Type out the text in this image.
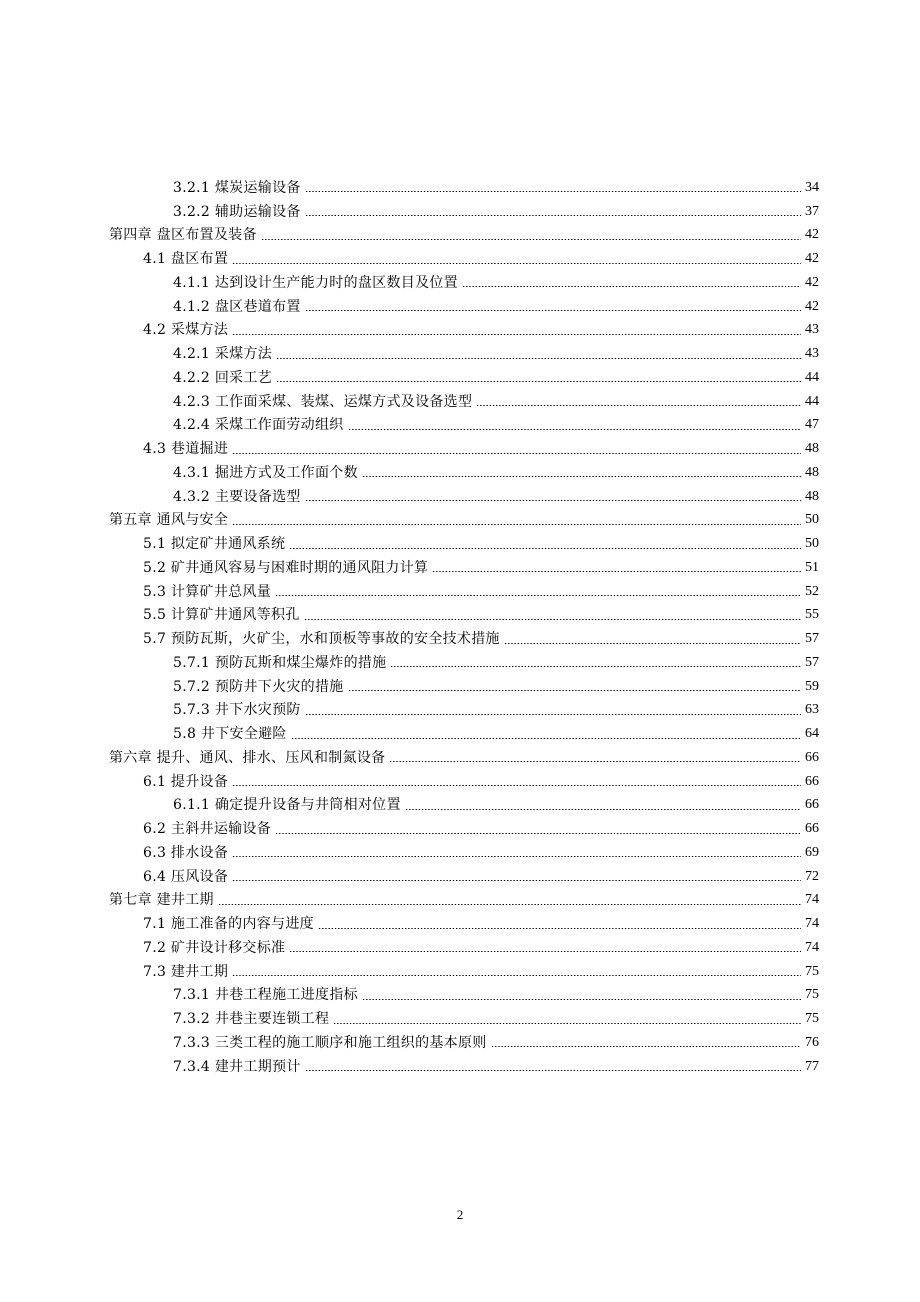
3.2.1 煤炭运输设备	34
3.2.2 辅助运输设备	37
第四章 盘区布置及装备	42
4.1 盘区布置	42
4.1.1 达到设计生产能力时的盘区数目及位置	42
4.1.2 盘区巷道布置	42
4.2 采煤方法	43
4.2.1 采煤方法	43
4.2.2 回采工艺	44
4.2.3 工作面采煤、装煤、运煤方式及设备选型	44
4.2.4 采煤工作面劳动组织	47
4.3 巷道掘进	48
4.3.1 掘进方式及工作面个数	48
4.3.2 主要设备选型	48
第五章 通风与安全	50
5.1 拟定矿井通风系统	50
5.2 矿井通风容易与困难时期的通风阻力计算	51
5.3 计算矿井总风量	52
5.5 计算矿井通风等积孔	55
5.7 预防瓦斯，火矿尘，水和顶板等事故的安全技术措施	57
5.7.1 预防瓦斯和煤尘爆炸的措施	57
5.7.2 预防井下火灾的措施	59
5.7.3 井下水灾预防	63
5.8 井下安全避险	64
第六章 提升、通风、排水、压风和制氮设备	66
6.1 提升设备	66
6.1.1 确定提升设备与井筒相对位置	66
6.2 主斜井运输设备	66
6.3 排水设备	69
6.4 压风设备	72
第七章 建井工期	74
7.1 施工准备的内容与进度	74
7.2 矿井设计移交标准	74
7.3 建井工期	75
7.3.1 井巷工程施工进度指标	75
7.3.2 井巷主要连锁工程	75
7.3.3 三类工程的施工顺序和施工组织的基本原则	76
7.3.4 建井工期预计	77
2
